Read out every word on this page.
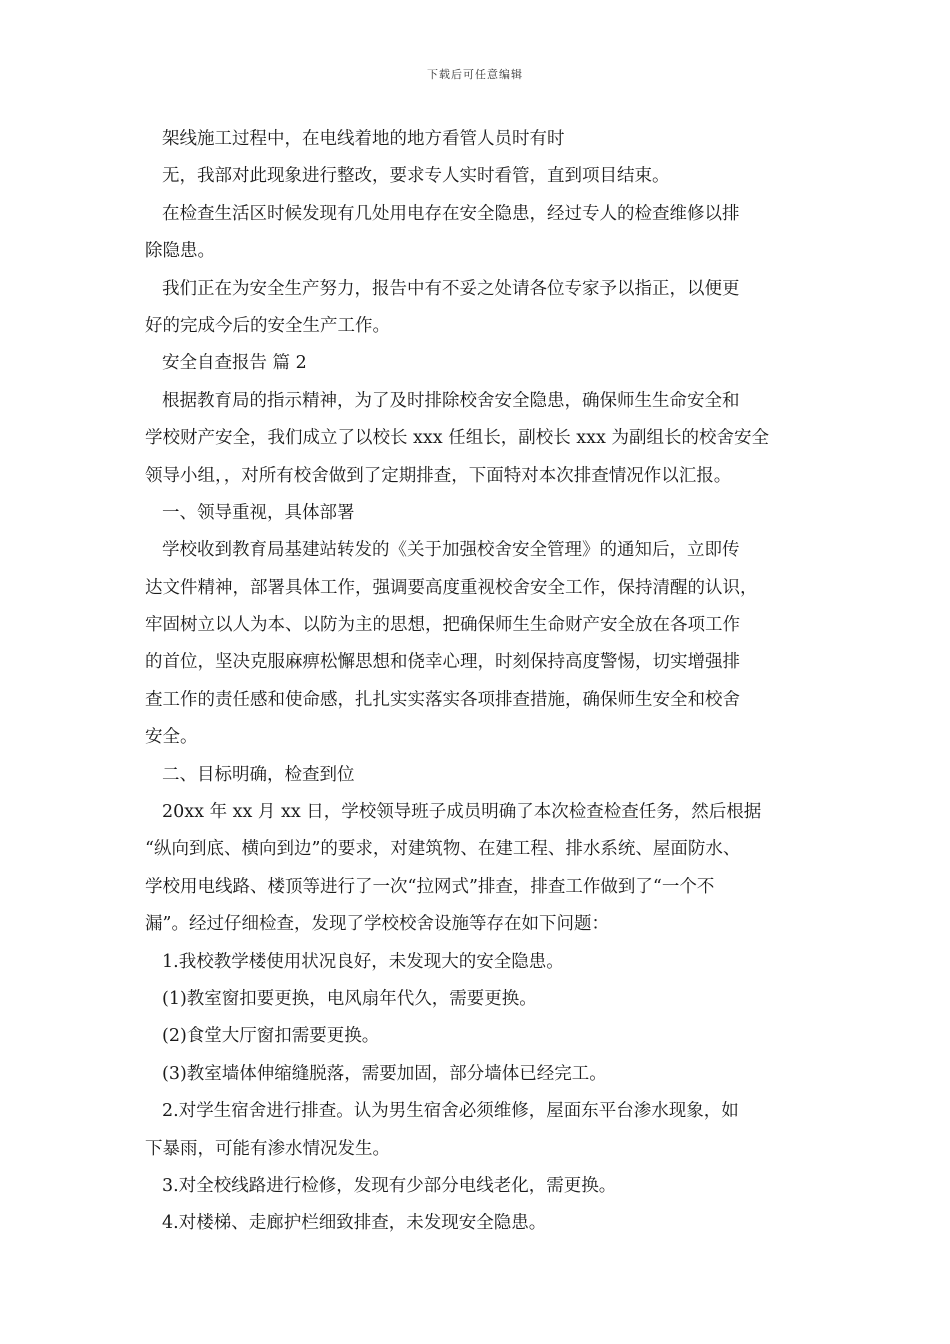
下载后可任意编辑
架线施工过程中，在电线着地的地方看管人员时有时
无，我部对此现象进行整改，要求专人实时看管，直到项目结束。
在检查生活区时候发现有几处用电存在安全隐患，经过专人的检查维修以排
除隐患。
我们正在为安全生产努力，报告中有不妥之处请各位专家予以指正，以便更
好的完成今后的安全生产工作。
安全自查报告 篇 2
根据教育局的指示精神，为了及时排除校舍安全隐患，确保师生生命安全和
学校财产安全，我们成立了以校长 xxx 任组长，副校长 xxx 为副组长的校舍安全
领导小组，，对所有校舍做到了定期排查，下面特对本次排查情况作以汇报。
一、领导重视，具体部署
学校收到教育局基建站转发的《关于加强校舍安全管理》的通知后，立即传
达文件精神，部署具体工作，强调要高度重视校舍安全工作，保持清醒的认识，
牢固树立以人为本、以防为主的思想，把确保师生生命财产安全放在各项工作
的首位，坚决克服麻痹松懈思想和侥幸心理，时刻保持高度警惕，切实增强排
查工作的责任感和使命感，扎扎实实落实各项排查措施，确保师生安全和校舍
安全。
二、目标明确，检查到位
20xx 年 xx 月 xx 日，学校领导班子成员明确了本次检查检查任务，然后根据
“纵向到底、横向到边”的要求，对建筑物、在建工程、排水系统、屋面防水、
学校用电线路、楼顶等进行了一次“拉网式”排查，排查工作做到了“一个不
漏”。经过仔细检查，发现了学校校舍设施等存在如下问题：
1.我校教学楼使用状况良好，未发现大的安全隐患。
(1)教室窗扣要更换，电风扇年代久，需要更换。
(2)食堂大厅窗扣需要更换。
(3)教室墙体伸缩缝脱落，需要加固，部分墙体已经完工。
2.对学生宿舍进行排查。认为男生宿舍必须维修，屋面东平台渗水现象，如
下暴雨，可能有渗水情况发生。
3.对全校线路进行检修，发现有少部分电线老化，需更换。
4.对楼梯、走廊护栏细致排查，未发现安全隐患。
